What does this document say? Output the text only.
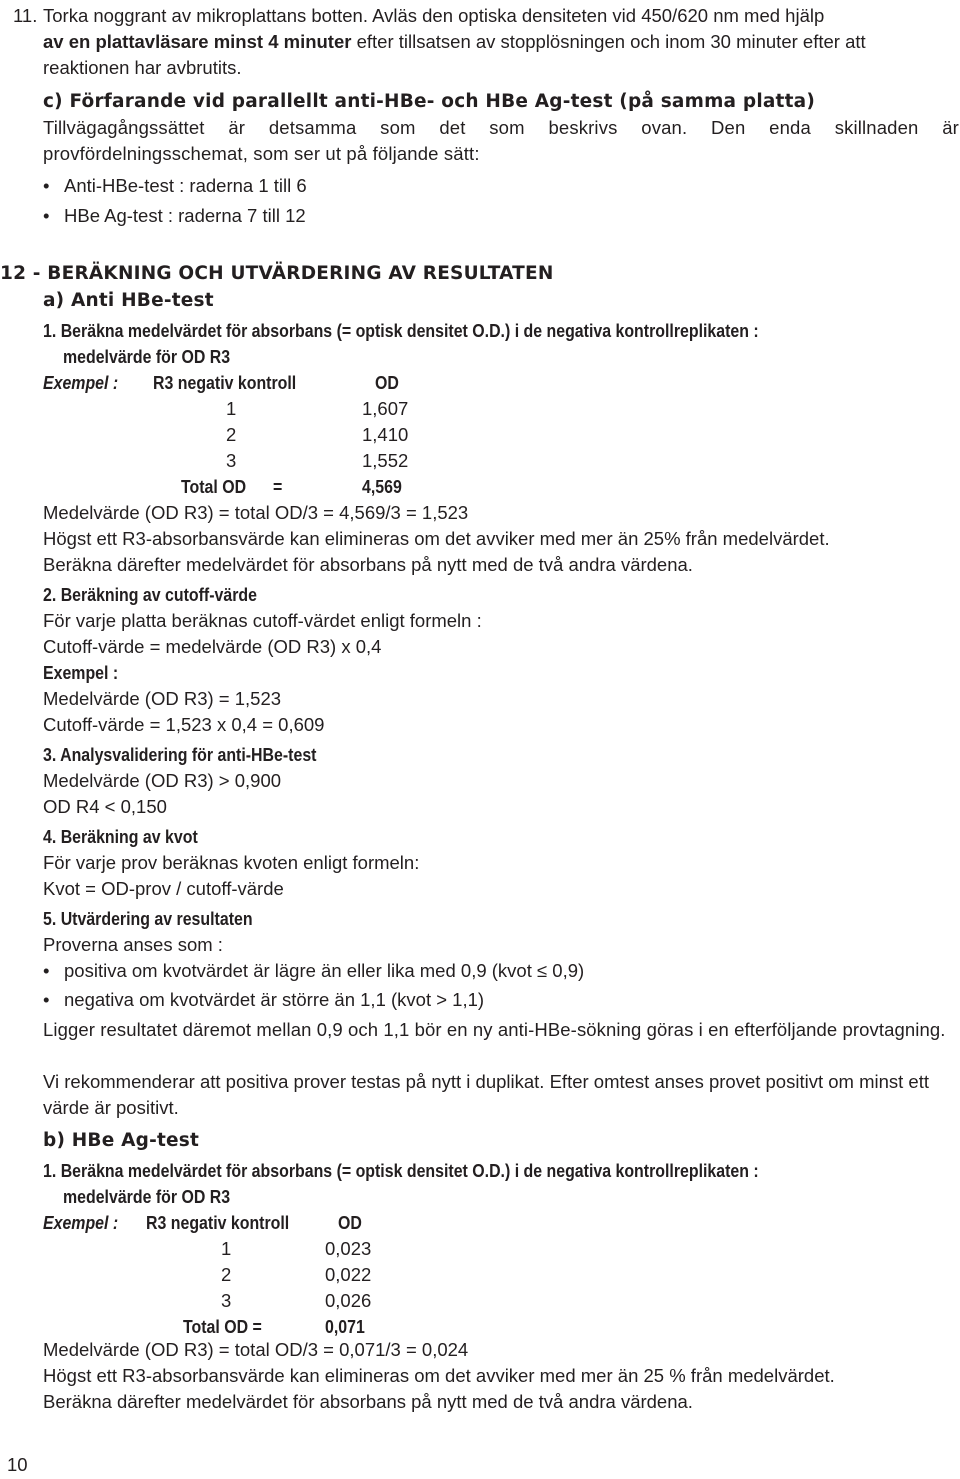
11. Torka noggrant av mikroplattans botten. Avläs den optiska densiteten vid 450/620 nm med hjälp
av en plattavläsare minst 4 minuter efter tillsatsen av stopplösningen och inom 30 minuter efter att
reaktionen har avbrutits.
c) Förfarande vid parallellt anti-HBe- och HBe Ag-test (på samma platta)
Tillvägagångssättet är detsamma som det som beskrivs ovan. Den enda skillnaden är provfördelningsschemat, som ser ut på följande sätt:
• Anti-HBe-test : raderna 1 till 6
• HBe Ag-test : raderna 7 till 12
12 - BERÄKNING OCH UTVÄRDERING AV RESULTATEN
a) Anti HBe-test
1. Beräkna medelvärdet för absorbans (= optisk densitet O.D.) i de negativa kontrollreplikaten :
medelvärde för OD R3
Exempel :	R3 negativ kontroll	OD
1	1,607
2	1,410
3	1,552
Total OD	=	4,569
Medelvärde (OD R3) = total OD/3 = 4,569/3 = 1,523
Högst ett R3-absorbansvärde kan elimineras om det avviker med mer än 25% från medelvärdet.
Beräkna därefter medelvärdet för absorbans på nytt med de två andra värdena.
2. Beräkning av cutoff-värde
För varje platta beräknas cutoff-värdet enligt formeln :
Cutoff-värde = medelvärde (OD R3) x 0,4
Exempel :
Medelvärde (OD R3) = 1,523
Cutoff-värde = 1,523 x 0,4 = 0,609
3. Analysvalidering för anti-HBe-test
Medelvärde (OD R3) > 0,900
OD R4 < 0,150
4. Beräkning av kvot
För varje prov beräknas kvoten enligt formeln:
Kvot = OD-prov / cutoff-värde
5. Utvärdering av resultaten
Proverna anses som :
• positiva om kvotvärdet är lägre än eller lika med 0,9 (kvot ≤ 0,9)
• negativa om kvotvärdet är större än 1,1 (kvot > 1,1)
Ligger resultatet däremot mellan 0,9 och 1,1 bör en ny anti-HBe-sökning göras i en efterföljande provtagning.
Vi rekommenderar att positiva prover testas på nytt i duplikat. Efter omtest anses provet positivt om minst ett värde är positivt.
b) HBe Ag-test
1. Beräkna medelvärdet för absorbans (= optisk densitet O.D.) i de negativa kontrollreplikaten :
medelvärde för OD R3
Exempel :	R3 negativ kontroll	OD
1	0,023
2	0,022
3	0,026
Total OD =	0,071
Medelvärde (OD R3) = total OD/3 = 0,071/3 = 0,024
Högst ett R3-absorbansvärde kan elimineras om det avviker med mer än 25 % från medelvärdet.
Beräkna därefter medelvärdet för absorbans på nytt med de två andra värdena.
10
